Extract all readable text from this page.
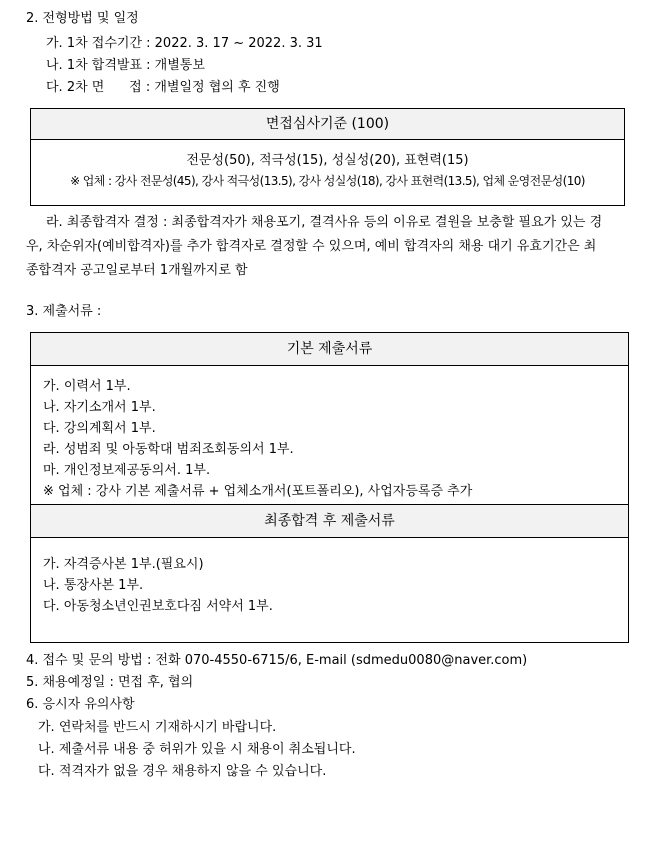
2. 전형방법 및 일정
가. 1차 접수기간 : 2022. 3. 17 ~ 2022. 3. 31
나. 1차 합격발표 : 개별통보
다. 2차 면      접 : 개별일정 협의 후 진행
면접심사기준 (100)
전문성(50), 적극성(15), 성실성(20), 표현력(15)
※ 업체 : 강사 전문성(45), 강사 적극성(13.5), 강사 성실성(18), 강사 표현력(13.5), 업체 운영전문성(10)
라. 최종합격자 결정 : 최종합격자가 채용포기, 결격사유 등의 이유로 결원을 보충할 필요가 있는 경우, 차순위자(예비합격자)를 추가 합격자로 결정할 수 있으며, 예비 합격자의 채용 대기 유효기간은 최종합격자 공고일로부터 1개월까지로 함
3. 제출서류 :
기본 제출서류
가. 이력서 1부.
나. 자기소개서 1부.
다. 강의계획서 1부.
라. 성범죄 및 아동학대 범죄조회동의서 1부.
마. 개인정보제공동의서. 1부.
※ 업체 : 강사 기본 제출서류 + 업체소개서(포트폴리오), 사업자등록증 추가
최종합격 후 제출서류
가. 자격증사본 1부.(필요시)
나. 통장사본 1부.
다. 아동청소년인권보호다짐 서약서 1부.
4. 접수 및 문의 방법 : 전화 070-4550-6715/6, E-mail (sdmedu0080@naver.com)
5. 채용예정일 : 면접 후, 협의
6. 응시자 유의사항
가. 연락처를 반드시 기재하시기 바랍니다.
나. 제출서류 내용 중 허위가 있을 시 채용이 취소됩니다.
다. 적격자가 없을 경우 채용하지 않을 수 있습니다.
